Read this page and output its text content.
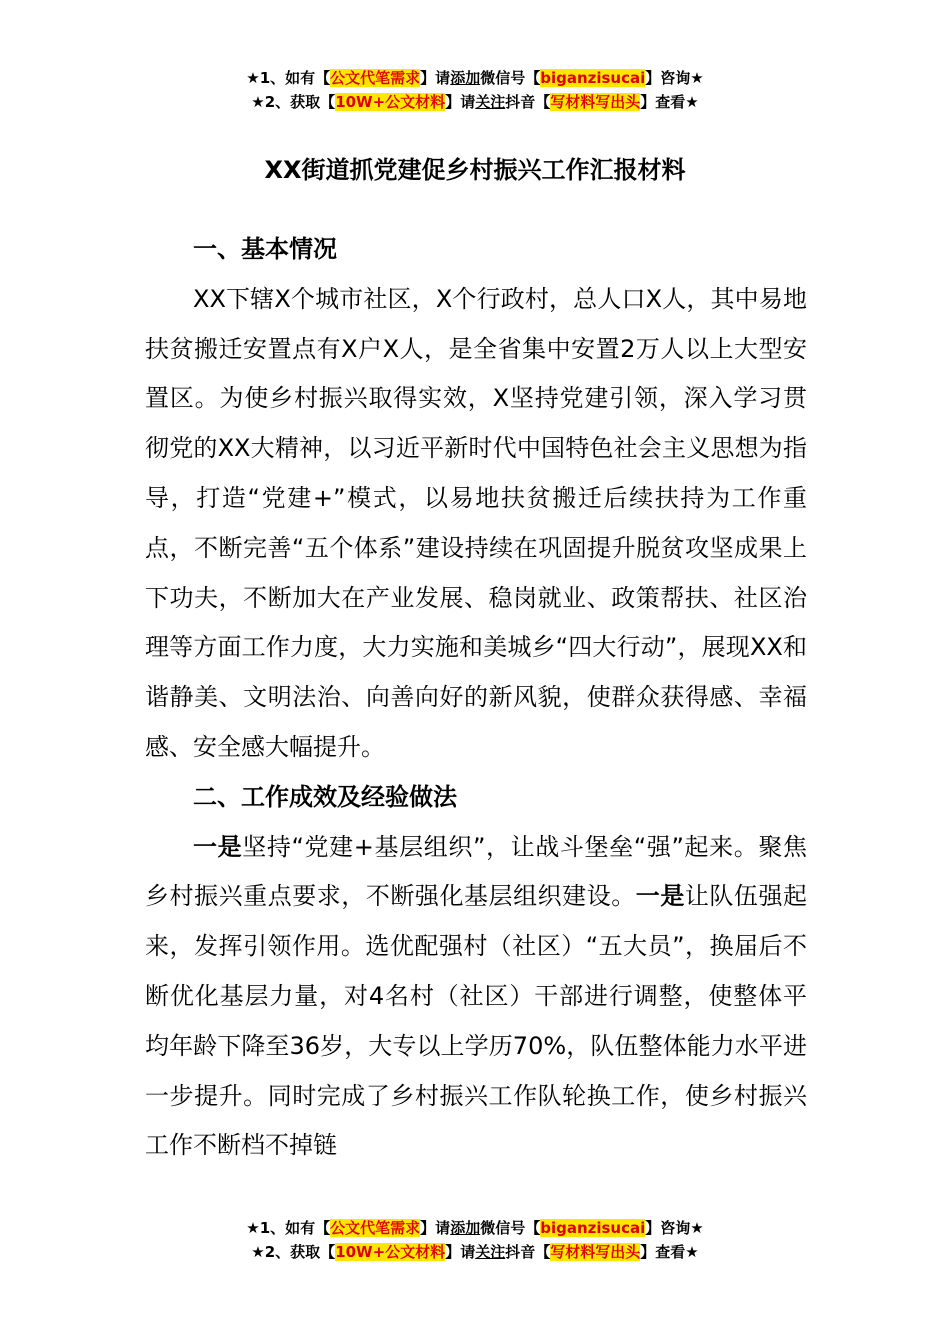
★1、如有【公文代笔需求】请添加微信号【biganzisucai】咨询★
★2、获取【10W+公文材料】请关注抖音【写材料写出头】查看★
XX街道抓党建促乡村振兴工作汇报材料

一、基本情况

XX下辖X个城市社区，X个行政村，总人口X人，其中易地扶贫搬迁安置点有X户X人，是全省集中安置2万人以上大型安置区。为使乡村振兴取得实效，X坚持党建引领，深入学习贯彻党的XX大精神，以习近平新时代中国特色社会主义思想为指导，打造“党建+”模式，以易地扶贫搬迁后续扶持为工作重点，不断完善“五个体系”建设持续在巩固提升脱贫攻坚成果上下功夫，不断加大在产业发展、稳岗就业、政策帮扶、社区治理等方面工作力度，大力实施和美城乡“四大行动”，展现XX和谐静美、文明法治、向善向好的新风貌，使群众获得感、幸福感、安全感大幅提升。

二、工作成效及经验做法

一是坚持“党建+基层组织”，让战斗堡垒“强”起来。聚焦乡村振兴重点要求，不断强化基层组织建设。一是让队伍强起来，发挥引领作用。选优配强村（社区）“五大员”，换届后不断优化基层力量，对4名村（社区）干部进行调整，使整体平均年龄下降至36岁，大专以上学历70%，队伍整体能力水平进一步提升。同时完成了乡村振兴工作队轮换工作，使乡村振兴工作不断档不掉链

★1、如有【公文代笔需求】请添加微信号【biganzisucai】咨询★
★2、获取【10W+公文材料】请关注抖音【写材料写出头】查看★
